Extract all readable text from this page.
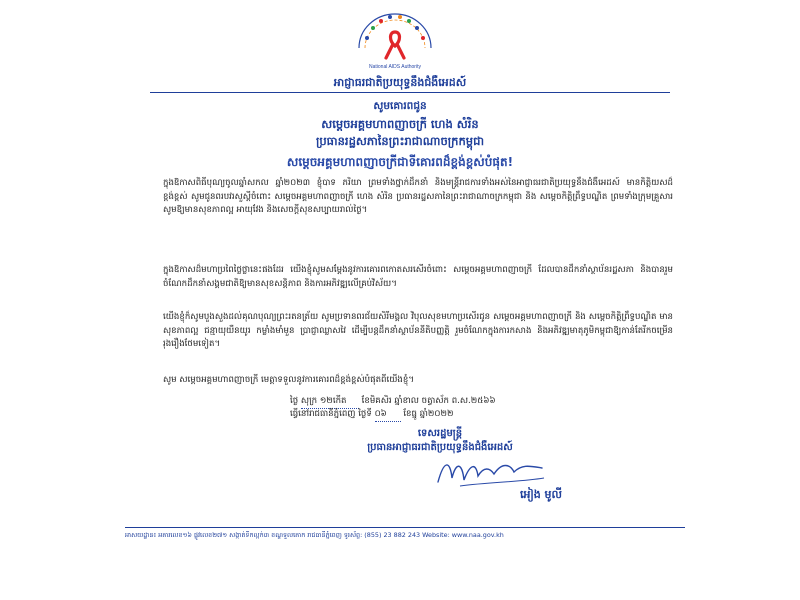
National AIDS Authority
អាជ្ញាធរជាតិប្រយុទ្ធនឹងជំងឺអេដស៍
សូមគោរពជូន
សម្ដេចអគ្គមហាពញាចក្រី ហេង សំរិន
ប្រធានរដ្ឋសភានៃព្រះរាជាណាចក្រកម្ពុជា
សម្ដេចអគ្គមហាពញាចក្រីជាទីគោរពដ៏ខ្ពង់ខ្ពស់បំផុត!
ក្នុងឱកាសពិធីបុណ្យចូលឆ្នាំសកល ឆ្នាំ២០២៣ ខ្ញុំបាទ ភរិយា ព្រមទាំងថ្នាក់ដឹកនាំ និងមន្ត្រីរាជការទាំងអស់នៃអាជ្ញាធរជាតិប្រយុទ្ធនឹងជំងឺអេដស៍ មានកិត្តិយសដ៏ខ្ពង់ខ្ពស់ សូមជូនពរបវរសួស្ដីចំពោះ សម្ដេចអគ្គមហាពញាចក្រី ហេង សំរិន ប្រធានរដ្ឋសភានៃព្រះរាជាណាចក្រកម្ពុជា និង សម្ដេចកិត្តិព្រឹទ្ធបណ្ឌិត ព្រមទាំងក្រុមគ្រួសារ សូមឱ្យមានសុខភាពល្អ អាយុវែង និងសេចក្ដីសុខសប្បាយរាល់ថ្ងៃ។
ក្នុងឱកាសដ៏មហាប្រពៃថ្លៃថ្លានេះផងដែរ យើងខ្ញុំសូមសម្ដែងនូវការគោរពកោតសរសើរចំពោះ សម្ដេចអគ្គមហាពញាចក្រី ដែលបានដឹកនាំស្ថាប័នរដ្ឋសភា និងបានរួមចំណែកដឹកនាំសង្គមជាតិឱ្យមានសុខសន្តិភាព និងការអភិវឌ្ឍលើគ្រប់វិស័យ។
យើងខ្ញុំក៏សូមបួងសួងដល់គុណបុណ្យព្រះរតនត្រ័យ សូមប្រទានពរជ័យសិរីមង្គល វិបុលសុខមហាប្រសើរជូន សម្ដេចអគ្គមហាពញាចក្រី និង សម្ដេចកិត្តិព្រឹទ្ធបណ្ឌិត មានសុខភាពល្អ ជន្មាយុយឺនយូរ កម្លាំងមាំមួន ប្រាជ្ញាឈ្លាសវៃ ដើម្បីបន្តដឹកនាំស្ថាប័ននីតិបញ្ញត្តិ រួមចំណែកក្នុងការកសាង និងអភិវឌ្ឍមាតុភូមិកម្ពុជាឱ្យកាន់តែរីកចម្រើនរុងរឿងថែមទៀត។
សូម សម្ដេចអគ្គមហាពញាចក្រី មេត្តាទទួលនូវការគោរពដ៏ខ្ពង់ខ្ពស់បំផុតពីយើងខ្ញុំ។
ថ្ងៃ សុក្រ ១២កើត ខែមិគសិរ ឆ្នាំខាល ចត្វាស័ក ព.ស.២៥៦៦
ធ្វើនៅរាជធានីភ្នំពេញ ថ្ងៃទី ០៦ ខែធ្នូ ឆ្នាំ២០២២
ទេសរដ្ឋមន្ត្រី
ប្រធានអាជ្ញាធរជាតិប្រយុទ្ធនឹងជំងឺអេដស៍
អៀង មូលី
អាសយដ្ឋាន៖ អគារលេខ១៦ ផ្លូវលេខ២៧១ សង្កាត់ទឹកល្អក់៣ ខណ្ឌទួលគោក រាជធានីភ្នំពេញ ទូរស័ព្ទ: (855) 23 882 243 Website: www.naa.gov.kh
